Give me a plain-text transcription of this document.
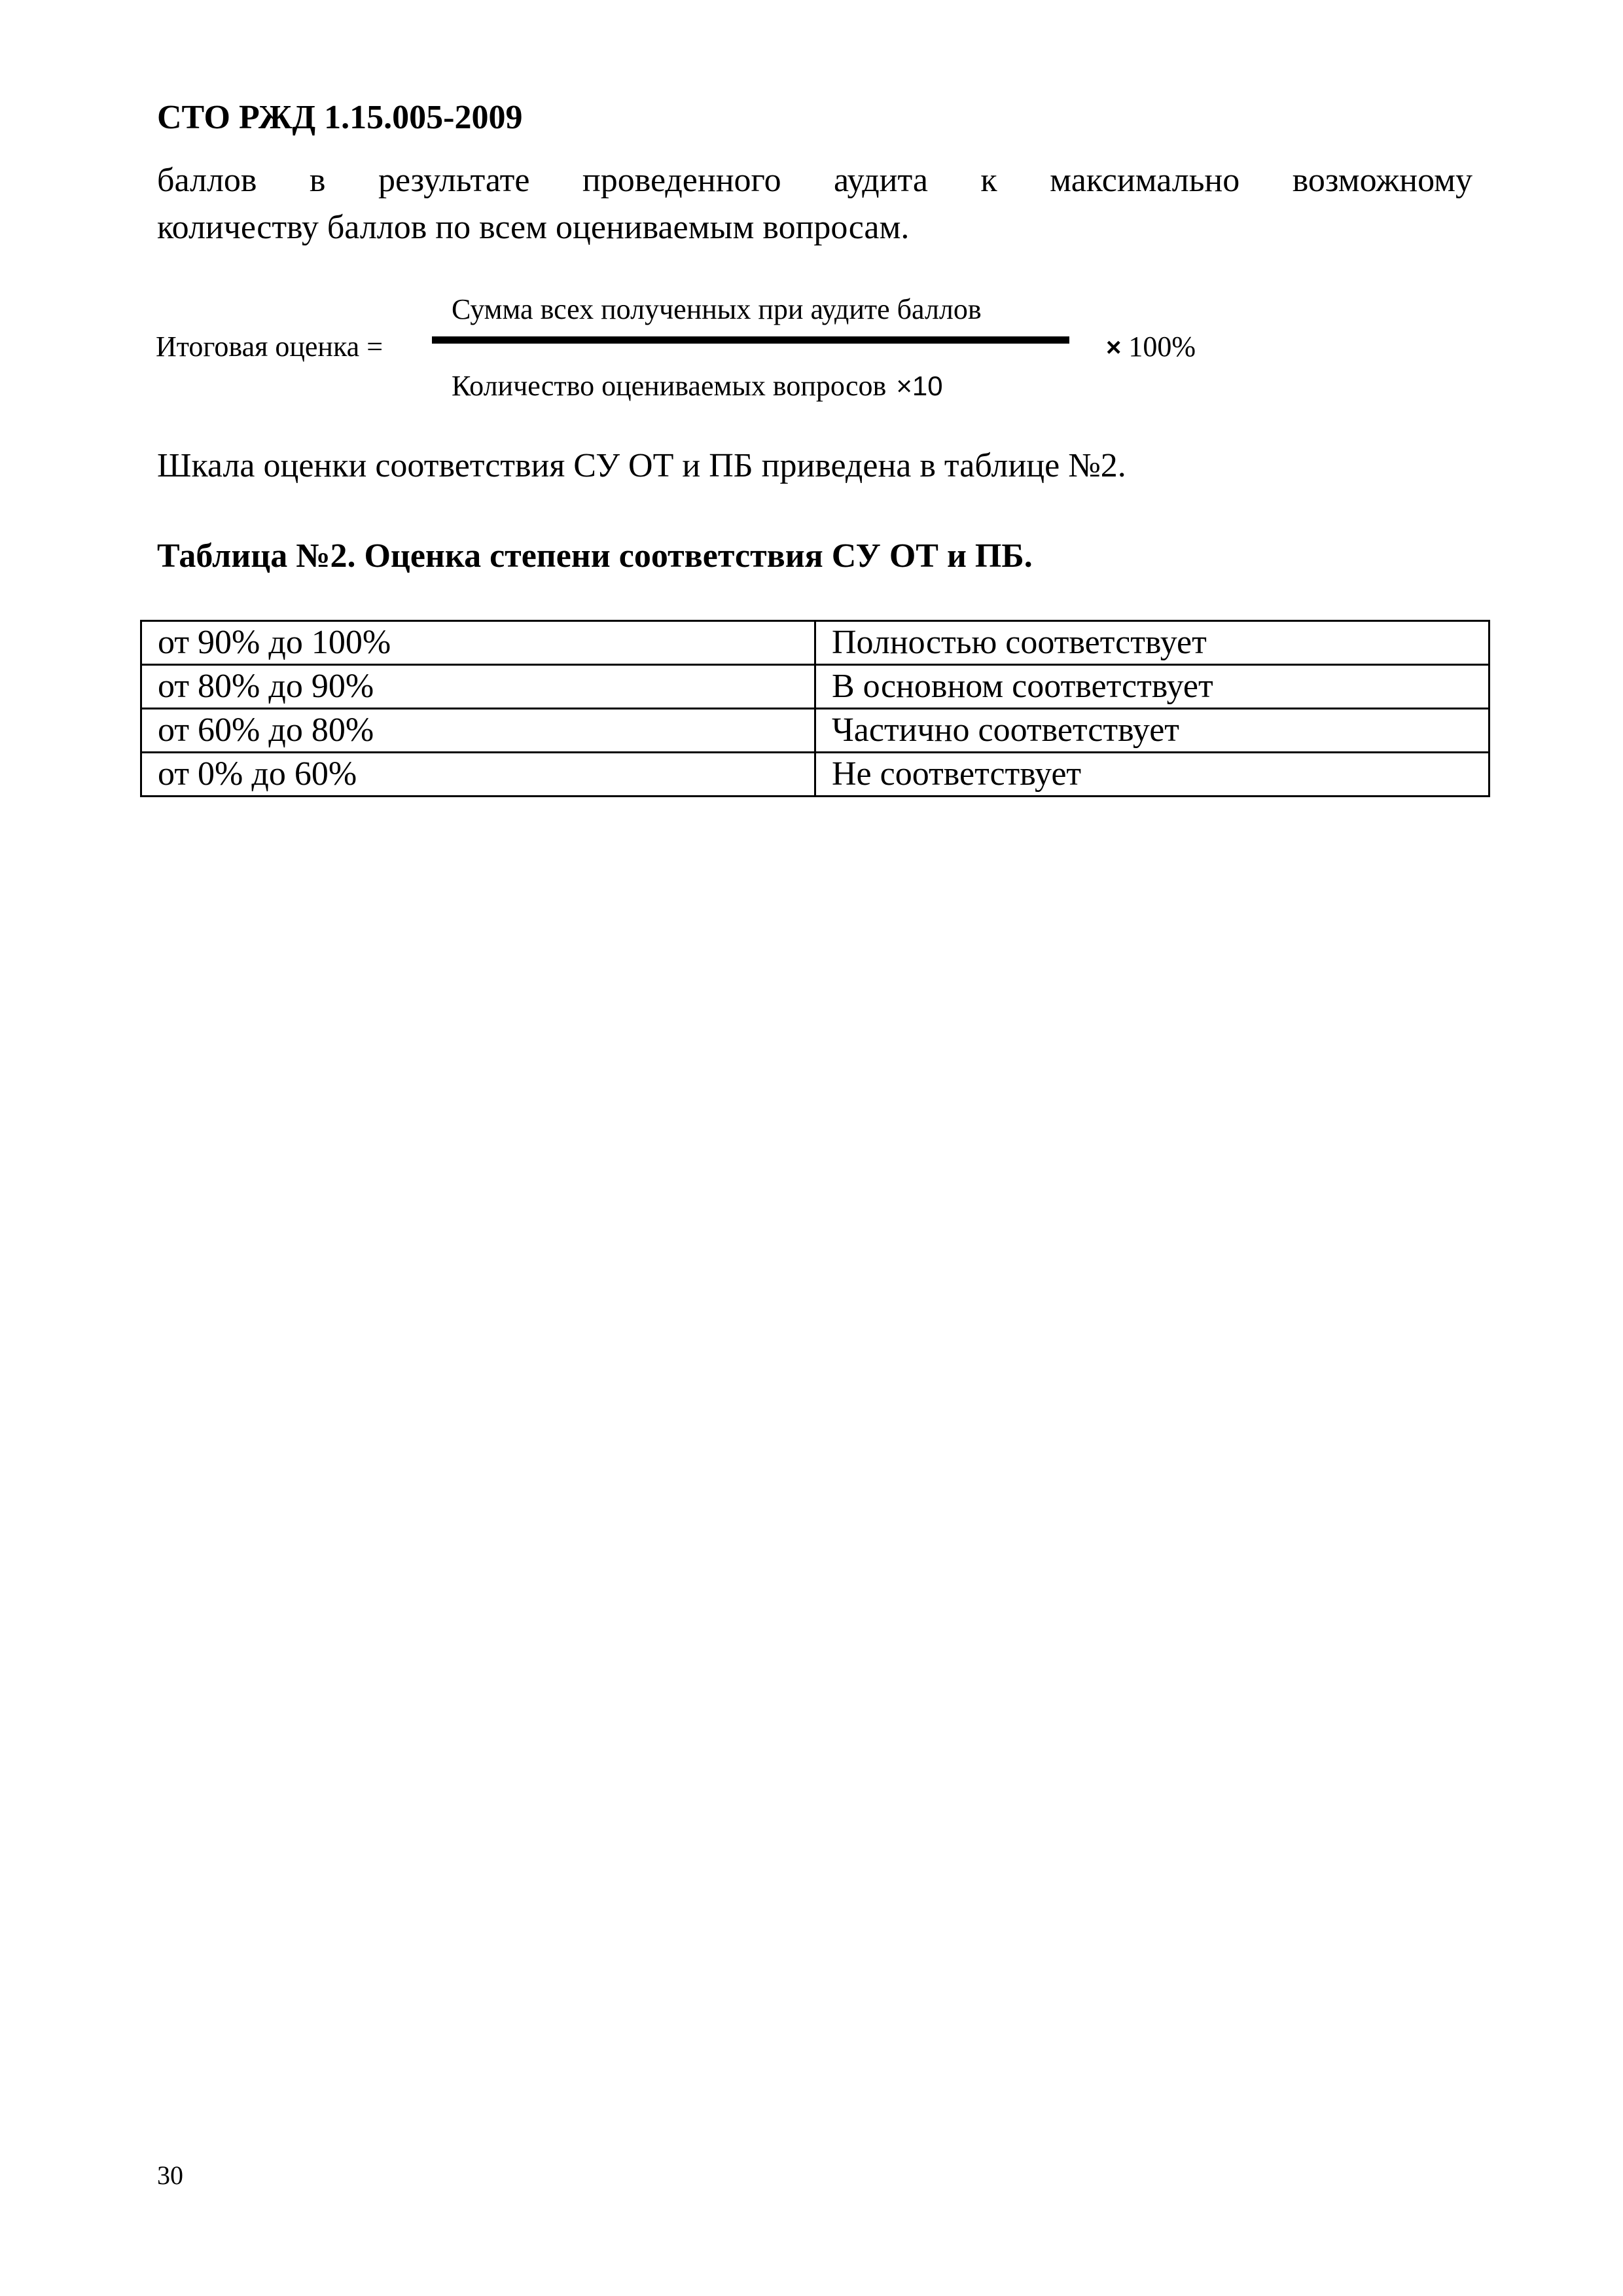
СТО РЖД 1.15.005-2009
баллов в результате проведенного аудита к максимально возможному
количеству баллов по всем оцениваемым вопросам.
Итоговая оценка =
Сумма всех полученных при аудите баллов
Количество оцениваемых вопросов ×10
× 100%
Шкала оценки соответствия СУ ОТ и ПБ приведена в таблице №2.
Таблица №2. Оценка степени соответствия СУ ОТ и ПБ.
от 90% до 100%	Полностью соответствует
от 80% до 90%	В основном соответствует
от 60% до 80%	Частично соответствует
от 0% до 60%	Не соответствует
30
